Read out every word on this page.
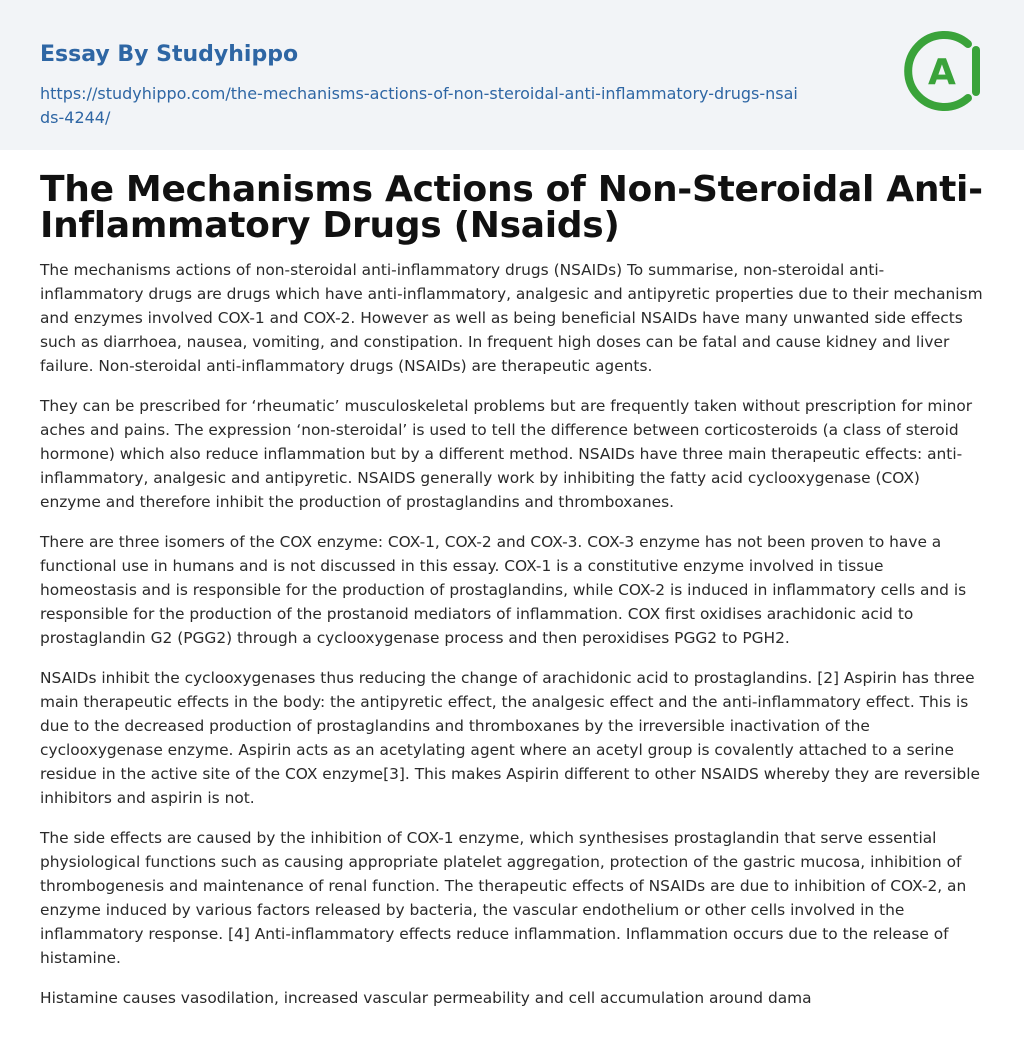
Essay By Studyhippo
https://studyhippo.com/the-mechanisms-actions-of-non-steroidal-anti-inflammatory-drugs-nsaids-4244/
A
The Mechanisms Actions of Non-Steroidal Anti-Inflammatory Drugs (Nsaids)

The mechanisms actions of non-steroidal anti-inflammatory drugs (NSAIDs) To summarise, non-steroidal anti-inflammatory drugs are drugs which have anti-inflammatory, analgesic and antipyretic properties due to their mechanism and enzymes involved COX-1 and COX-2. However as well as being beneficial NSAIDs have many unwanted side effects such as diarrhoea, nausea, vomiting, and constipation. In frequent high doses can be fatal and cause kidney and liver failure. Non-steroidal anti-inflammatory drugs (NSAIDs) are therapeutic agents.

They can be prescribed for ‘rheumatic’ musculoskeletal problems but are frequently taken without prescription for minor aches and pains. The expression ‘non-steroidal’ is used to tell the difference between corticosteroids (a class of steroid hormone) which also reduce inflammation but by a different method. NSAIDs have three main therapeutic effects: anti-inflammatory, analgesic and antipyretic. NSAIDS generally work by inhibiting the fatty acid cyclooxygenase (COX) enzyme and therefore inhibit the production of prostaglandins and thromboxanes.

There are three isomers of the COX enzyme: COX-1, COX-2 and COX-3. COX-3 enzyme has not been proven to have a functional use in humans and is not discussed in this essay. COX-1 is a constitutive enzyme involved in tissue homeostasis and is responsible for the production of prostaglandins, while COX-2 is induced in inflammatory cells and is responsible for the production of the prostanoid mediators of inflammation. COX first oxidises arachidonic acid to prostaglandin G2 (PGG2) through a cyclooxygenase process and then peroxidises PGG2 to PGH2.

NSAIDs inhibit the cyclooxygenases thus reducing the change of arachidonic acid to prostaglandins. [2] Aspirin has three main therapeutic effects in the body: the antipyretic effect, the analgesic effect and the anti-inflammatory effect. This is due to the decreased production of prostaglandins and thromboxanes by the irreversible inactivation of the cyclooxygenase enzyme. Aspirin acts as an acetylating agent where an acetyl group is covalently attached to a serine residue in the active site of the COX enzyme[3]. This makes Aspirin different to other NSAIDS whereby they are reversible inhibitors and aspirin is not.

The side effects are caused by the inhibition of COX-1 enzyme, which synthesises prostaglandin that serve essential physiological functions such as causing appropriate platelet aggregation, protection of the gastric mucosa, inhibition of thrombogenesis and maintenance of renal function. The therapeutic effects of NSAIDs are due to inhibition of COX-2, an enzyme induced by various factors released by bacteria, the vascular endothelium or other cells involved in the inflammatory response. [4] Anti-inflammatory effects reduce inflammation. Inflammation occurs due to the release of histamine.

Histamine causes vasodilation, increased vascular permeability and cell accumulation around dama
